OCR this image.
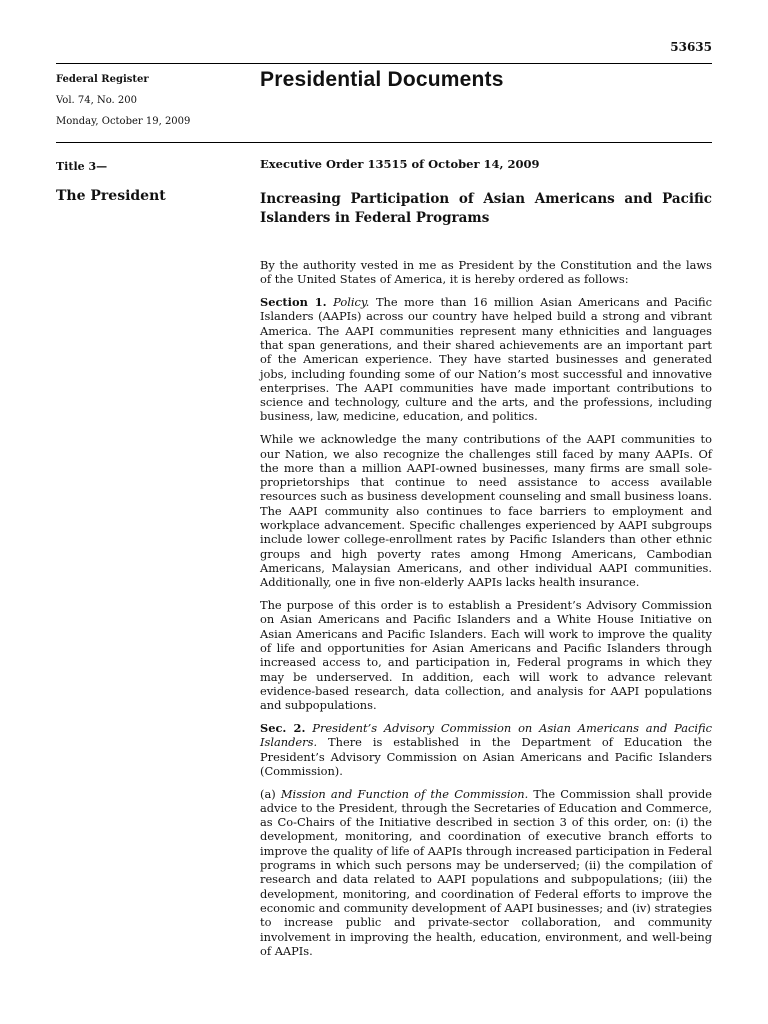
53635
Federal Register
Vol. 74, No. 200
Monday, October 19, 2009
Presidential Documents
Title 3—
The President
Executive Order 13515 of October 14, 2009
Increasing Participation of Asian Americans and Pacific Islanders in Federal Programs

By the authority vested in me as President by the Constitution and the laws of the United States of America, it is hereby ordered as follows:

Section 1. Policy. The more than 16 million Asian Americans and Pacific Islanders (AAPIs) across our country have helped build a strong and vibrant America. The AAPI communities represent many ethnicities and languages that span generations, and their shared achievements are an important part of the American experience. They have started businesses and generated jobs, including founding some of our Nation’s most successful and innovative enterprises. The AAPI communities have made important contributions to science and technology, culture and the arts, and the professions, including business, law, medicine, education, and politics.

While we acknowledge the many contributions of the AAPI communities to our Nation, we also recognize the challenges still faced by many AAPIs. Of the more than a million AAPI-owned businesses, many firms are small sole-proprietorships that continue to need assistance to access available resources such as business development counseling and small business loans. The AAPI community also continues to face barriers to employment and workplace advancement. Specific challenges experienced by AAPI subgroups include lower college-enrollment rates by Pacific Islanders than other ethnic groups and high poverty rates among Hmong Americans, Cambodian Americans, Malaysian Americans, and other individual AAPI communities. Additionally, one in five non-elderly AAPIs lacks health insurance.

The purpose of this order is to establish a President’s Advisory Commission on Asian Americans and Pacific Islanders and a White House Initiative on Asian Americans and Pacific Islanders. Each will work to improve the quality of life and opportunities for Asian Americans and Pacific Islanders through increased access to, and participation in, Federal programs in which they may be underserved. In addition, each will work to advance relevant evidence-based research, data collection, and analysis for AAPI populations and subpopulations.

Sec. 2. President’s Advisory Commission on Asian Americans and Pacific Islanders. There is established in the Department of Education the President’s Advisory Commission on Asian Americans and Pacific Islanders (Commission).

(a) Mission and Function of the Commission. The Commission shall provide advice to the President, through the Secretaries of Education and Commerce, as Co-Chairs of the Initiative described in section 3 of this order, on: (i) the development, monitoring, and coordination of executive branch efforts to improve the quality of life of AAPIs through increased participation in Federal programs in which such persons may be underserved; (ii) the compilation of research and data related to AAPI populations and subpopulations; (iii) the development, monitoring, and coordination of Federal efforts to improve the economic and community development of AAPI businesses; and (iv) strategies to increase public and private-sector collaboration, and community involvement in improving the health, education, environment, and well-being of AAPIs.
